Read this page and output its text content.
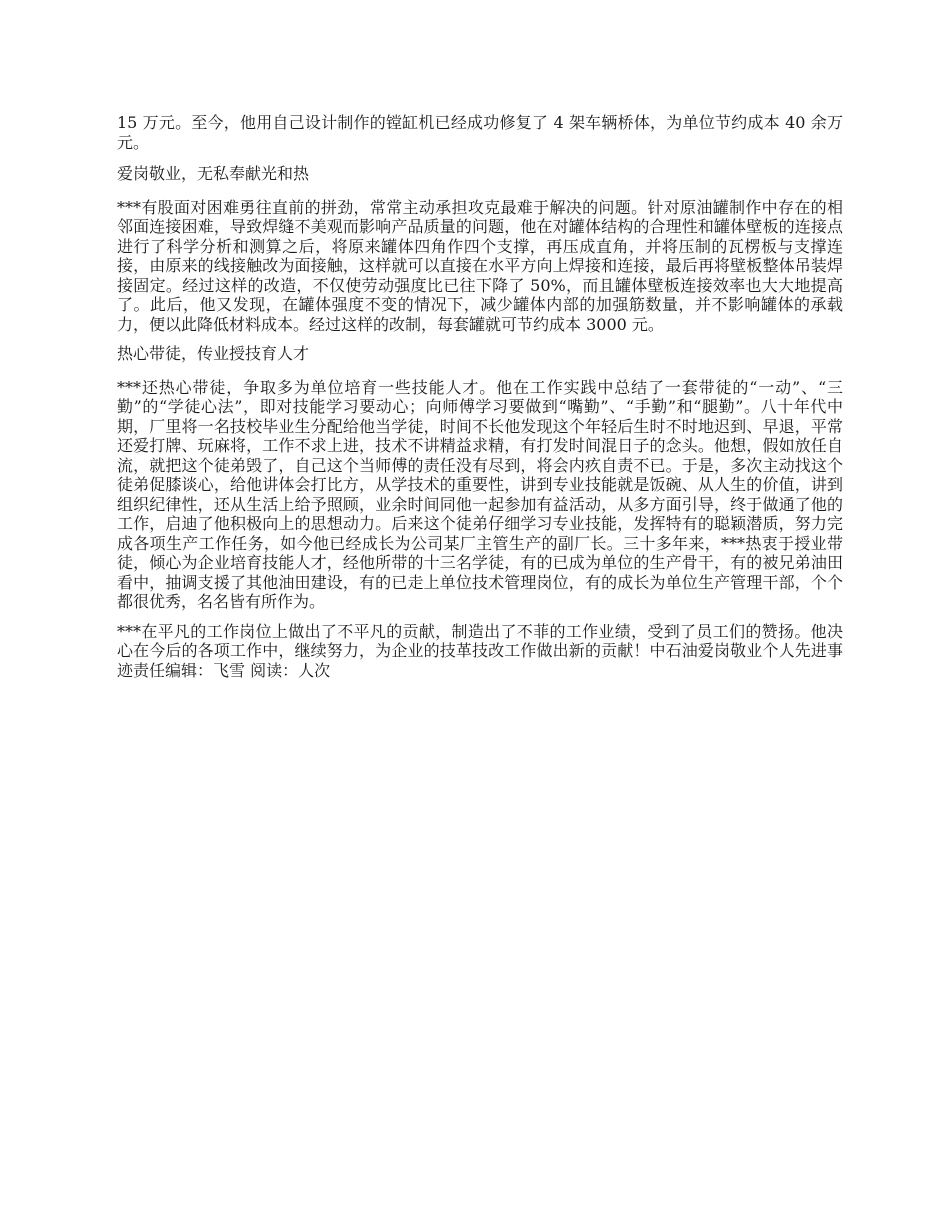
15 万元。至今，他用自己设计制作的镗缸机已经成功修复了 4 架车辆桥体，为单位节约成本 40 余万元。

爱岗敬业，无私奉献光和热

***有股面对困难勇往直前的拼劲，常常主动承担攻克最难于解决的问题。针对原油罐制作中存在的相邻面连接困难，导致焊缝不美观而影响产品质量的问题，他在对罐体结构的合理性和罐体壁板的连接点进行了科学分析和测算之后，将原来罐体四角作四个支撑，再压成直角，并将压制的瓦楞板与支撑连接，由原来的线接触改为面接触，这样就可以直接在水平方向上焊接和连接，最后再将壁板整体吊装焊接固定。经过这样的改造，不仅使劳动强度比已往下降了 50%，而且罐体壁板连接效率也大大地提高了。此后，他又发现，在罐体强度不变的情况下，减少罐体内部的加强筋数量，并不影响罐体的承载力，便以此降低材料成本。经过这样的改制，每套罐就可节约成本 3000 元。

热心带徒，传业授技育人才

***还热心带徒，争取多为单位培育一些技能人才。他在工作实践中总结了一套带徒的“一动”、“三勤”的“学徒心法”，即对技能学习要动心；向师傅学习要做到“嘴勤”、“手勤”和“腿勤”。八十年代中期，厂里将一名技校毕业生分配给他当学徒，时间不长他发现这个年轻后生时不时地迟到、早退，平常还爱打牌、玩麻将，工作不求上进，技术不讲精益求精，有打发时间混日子的念头。他想，假如放任自流，就把这个徒弟毁了，自己这个当师傅的责任没有尽到，将会内疚自责不已。于是，多次主动找这个徒弟促膝谈心，给他讲体会打比方，从学技术的重要性，讲到专业技能就是饭碗、从人生的价值，讲到组织纪律性，还从生活上给予照顾，业余时间同他一起参加有益活动，从多方面引导，终于做通了他的工作，启迪了他积极向上的思想动力。后来这个徒弟仔细学习专业技能，发挥特有的聪颖潜质，努力完成各项生产工作任务，如今他已经成长为公司某厂主管生产的副厂长。三十多年来，***热衷于授业带徒，倾心为企业培育技能人才，经他所带的十三名学徒，有的已成为单位的生产骨干，有的被兄弟油田看中，抽调支援了其他油田建设，有的已走上单位技术管理岗位，有的成长为单位生产管理干部，个个都很优秀，名名皆有所作为。

***在平凡的工作岗位上做出了不平凡的贡献，制造出了不菲的工作业绩，受到了员工们的赞扬。他决心在今后的各项工作中，继续努力，为企业的技革技改工作做出新的贡献！中石油爱岗敬业个人先进事迹责任编辑：飞雪 阅读：人次
